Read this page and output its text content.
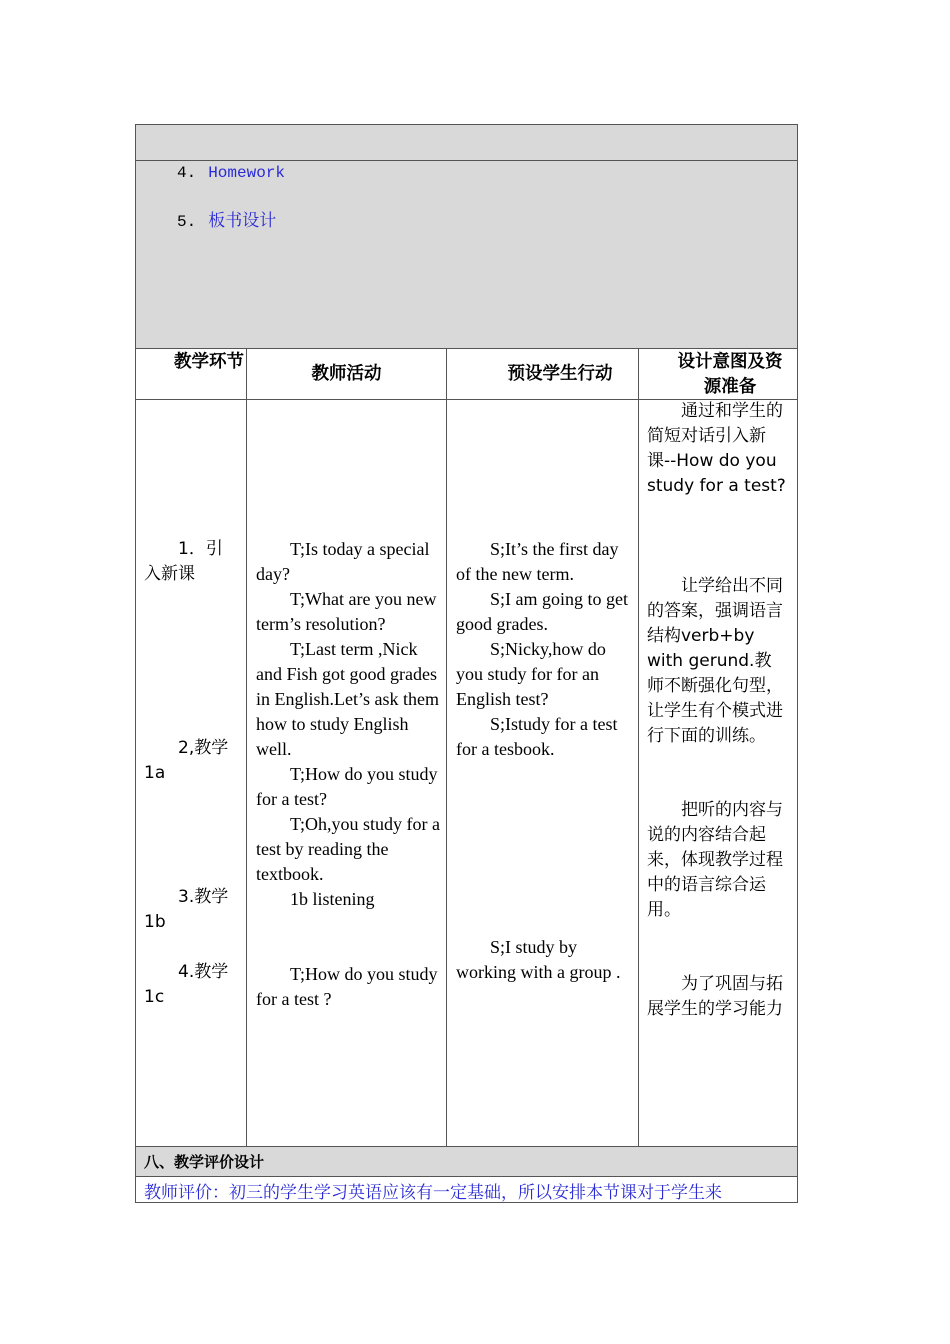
4. Homework
5. 板书设计
教学环节
教师活动	预设学生行动
设计意图及资源准备
1．引入新课
2,教学1a
3.教学1b
4.教学1c

T;Is today a special day?

T;What are you new term’s resolution?

T;Last term ,Nick and Fish got good grades in English.Let’s ask them how to study English well.

T;How do you study for a test?

T;Oh,you study for a test by reading the textbook.

1b listening

T;How do you study for a test ?

S;It’s the first day of the new term.

S;I am going to get good grades.

S;Nicky,how do you study for for an English test?

S;Istudy for a test for a tesbook.

S;I study by working with a group .

通过和学生的简短对话引入新课--How do you study for a test?

让学给出不同的答案，强调语言结构verb+by with gerund.教师不断强化句型，让学生有个模式进行下面的训练。

把听的内容与说的内容结合起来，体现教学过程中的语言综合运用。

为了巩固与拓展学生的学习能力

八、教学评价设计
教师评价：初三的学生学习英语应该有一定基础，所以安排本节课对于学生来
